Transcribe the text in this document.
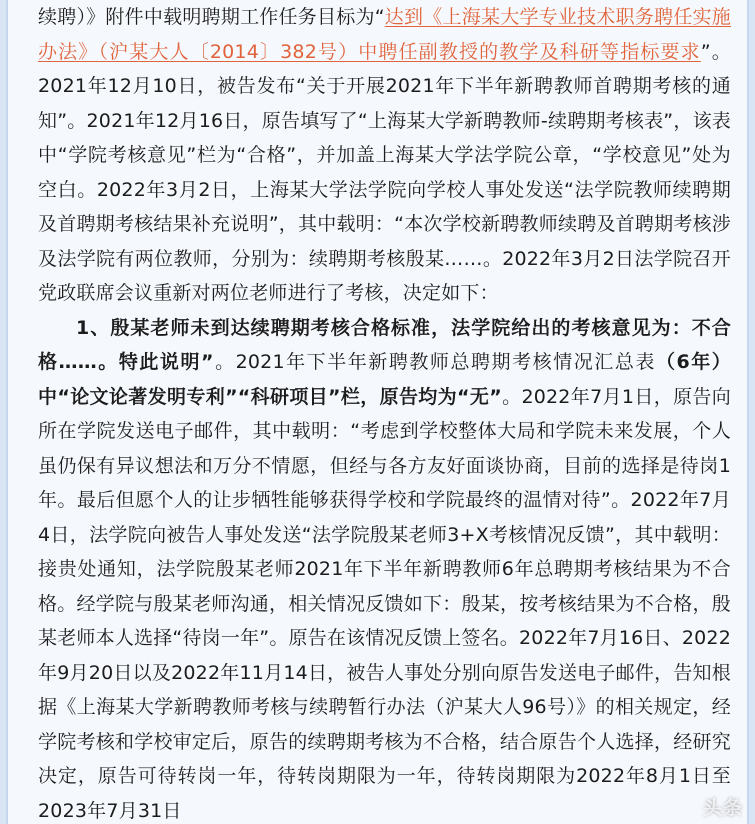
续聘）》附件中载明聘期工作任务目标为“达到《上海某大学专业技术职务聘任实施办法》（沪某大人〔2014〕382号）中聘任副教授的教学及科研等指标要求”。2021年12月10日，被告发布“关于开展2021年下半年新聘教师首聘期考核的通知”。2021年12月16日，原告填写了“上海某大学新聘教师-续聘期考核表”，该表中“学院考核意见”栏为“合格”，并加盖上海某大学法学院公章，“学校意见”处为空白。2022年3月2日，上海某大学法学院向学校人事处发送“法学院教师续聘期及首聘期考核结果补充说明”，其中载明：“本次学校新聘教师续聘及首聘期考核涉及法学院有两位教师，分别为：续聘期考核殷某……。2022年3月2日法学院召开党政联席会议重新对两位老师进行了考核，决定如下：
1、殷某老师未到达续聘期考核合格标准，法学院给出的考核意见为：不合格……。特此说明”。2021年下半年新聘教师总聘期考核情况汇总表（6年）中“论文论著发明专利”“科研项目”栏，原告均为“无”。2022年7月1日，原告向所在学院发送电子邮件，其中载明：“考虑到学校整体大局和学院未来发展，个人虽仍保有异议想法和万分不情愿，但经与各方友好面谈协商，目前的选择是待岗1年。最后但愿个人的让步牺牲能够获得学校和学院最终的温情对待”。2022年7月4日，法学院向被告人事处发送“法学院殷某老师3+X考核情况反馈”，其中载明：接贵处通知，法学院殷某老师2021年下半年新聘教师6年总聘期考核结果为不合格。经学院与殷某老师沟通，相关情况反馈如下：殷某，按考核结果为不合格，殷某老师本人选择“待岗一年”。原告在该情况反馈上签名。2022年7月16日、2022年9月20日以及2022年11月14日，被告人事处分别向原告发送电子邮件，告知根据《上海某大学新聘教师考核与续聘暂行办法（沪某大人96号）》的相关规定，经学院考核和学校审定后，原告的续聘期考核为不合格，结合原告个人选择，经研究决定，原告可待转岗一年，待转岗期限为一年，待转岗期限为2022年8月1日至2023年7月31日	头条
